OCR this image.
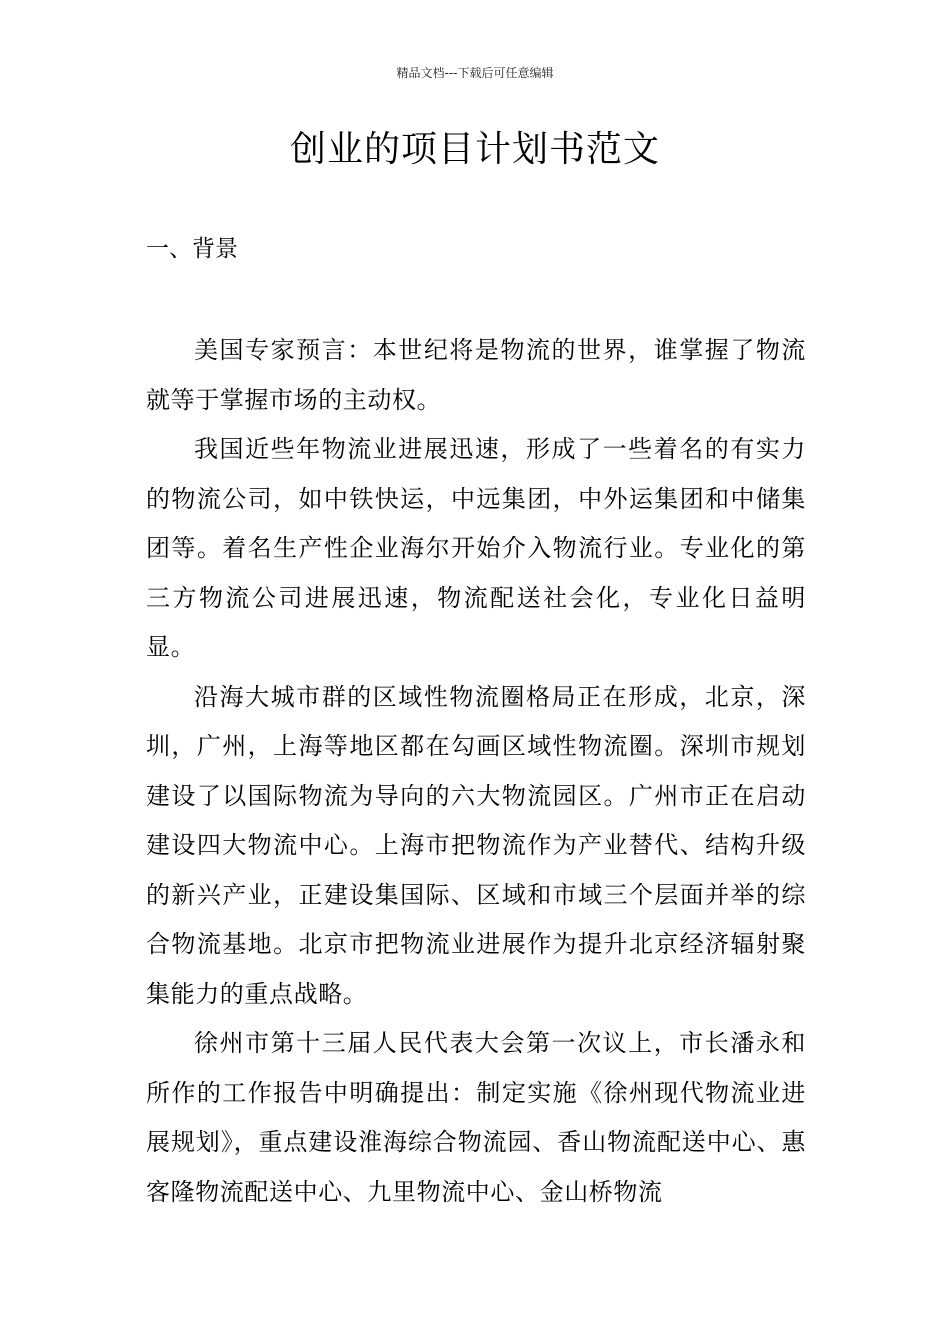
精品文档---下载后可任意编辑
创业的项目计划书范文
一、背景

美国专家预言：本世纪将是物流的世界，谁掌握了物流就等于掌握市场的主动权。

我国近些年物流业进展迅速，形成了一些着名的有实力的物流公司，如中铁快运，中远集团，中外运集团和中储集团等。着名生产性企业海尔开始介入物流行业。专业化的第三方物流公司进展迅速，物流配送社会化，专业化日益明显。

沿海大城市群的区域性物流圈格局正在形成，北京，深圳，广州，上海等地区都在勾画区域性物流圈。深圳市规划建设了以国际物流为导向的六大物流园区。广州市正在启动建设四大物流中心。上海市把物流作为产业替代、结构升级的新兴产业，正建设集国际、区域和市域三个层面并举的综合物流基地。北京市把物流业进展作为提升北京经济辐射聚集能力的重点战略。

徐州市第十三届人民代表大会第一次议上，市长潘永和所作的工作报告中明确提出：制定实施《徐州现代物流业进展规划》，重点建设淮海综合物流园、香山物流配送中心、惠客隆物流配送中心、九里物流中心、金山桥物流
